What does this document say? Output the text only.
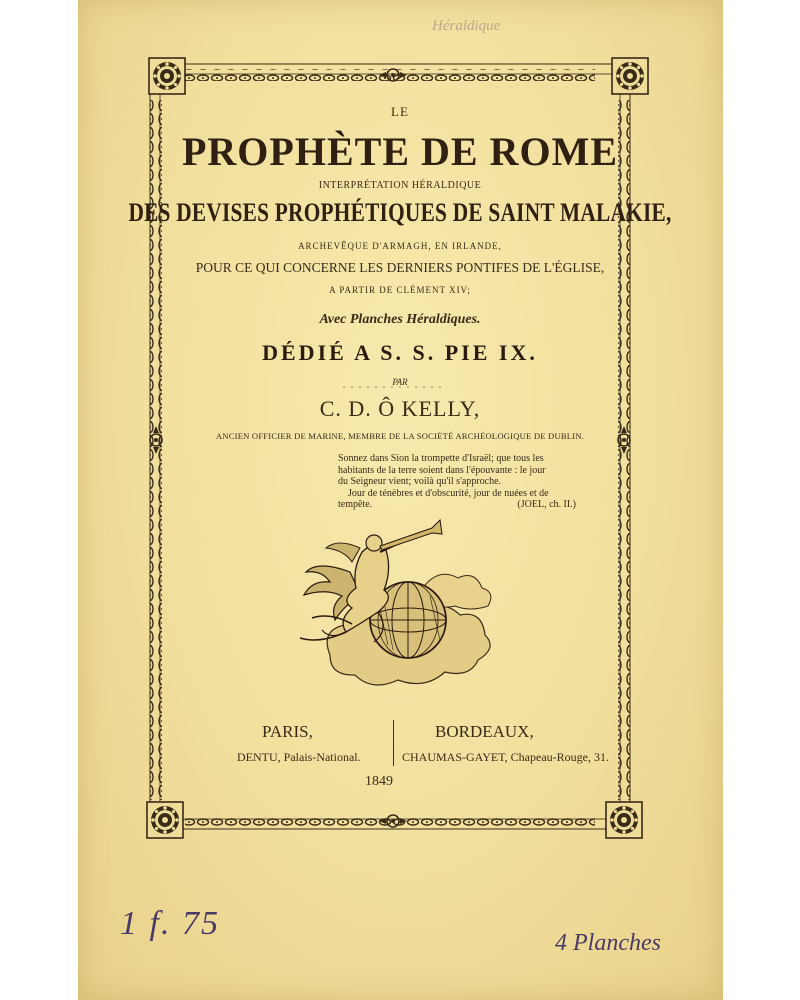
Héraldique
LE
PROPHÈTE DE ROME
INTERPRÉTATION HÉRALDIQUE
DES DEVISES PROPHÉTIQUES DE SAINT MALAKIE,
ARCHEVÊQUE D'ARMAGH, EN IRLANDE,
POUR CE QUI CONCERNE LES DERNIERS PONTIFES DE L'ÉGLISE,
A PARTIR DE CLÉMENT XIV;
Avec Planches Héraldiques.
DÉDIÉ A S. S. PIE IX.
PAR
C. D. Ô KELLY,
ANCIEN OFFICIER DE MARINE, MEMBRE DE LA SOCIÉTÉ ARCHÉOLOGIQUE DE DUBLIN.
Sonnez dans Sion la trompette d'Israël; que tous les
habitants de la terre soient dans l'épouvante : le jour
du Seigneur vient; voilà qu'il s'approche.
Jour de ténèbres et d'obscurité, jour de nuées et de
tempête.	(JOEL, ch. II.)
PARIS,	BORDEAUX,
DENTU, Palais-National.	CHAUMAS-GAYET, Chapeau-Rouge, 31.
1849
1 f. 75
4 Planches
